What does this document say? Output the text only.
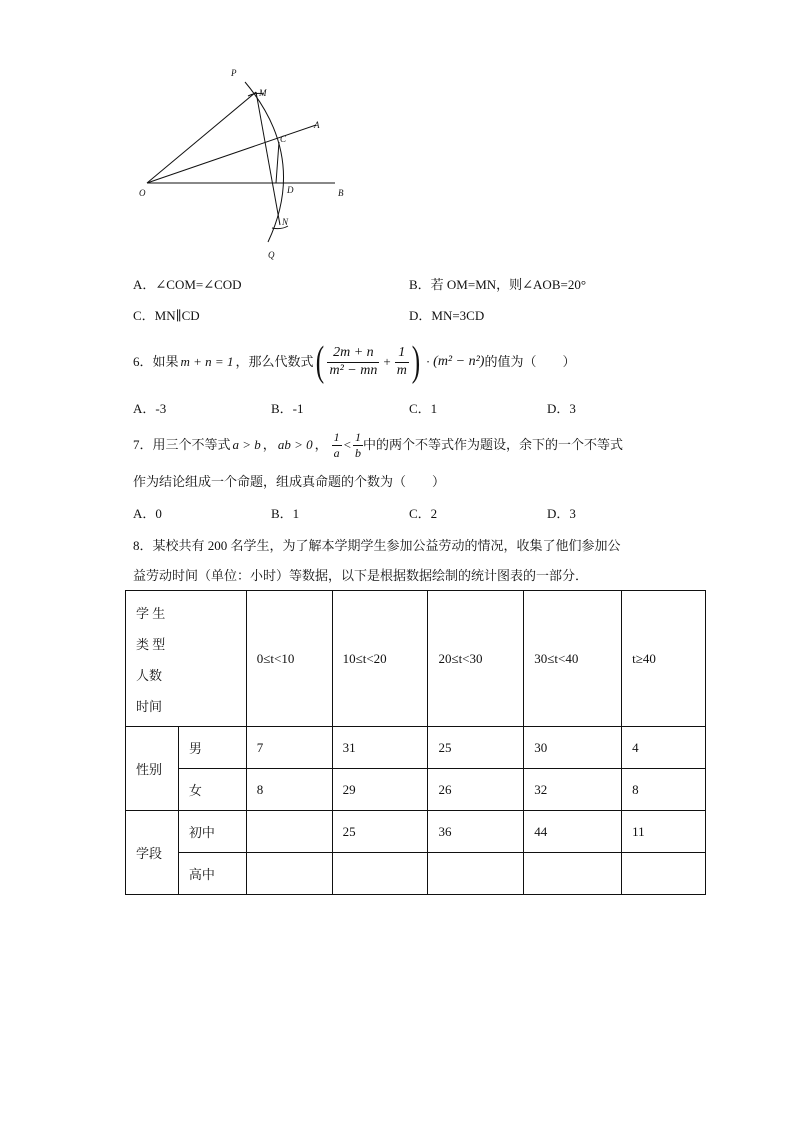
P
M
A
C
O	D	B
N
Q
A．∠COM=∠COD	B．若 OM=MN，则∠AOB=20°
C．MN∥CD	D．MN=3CD
6．如果 m + n = 1 ，那么代数式 ( $\frac{2m + n}{\text{m² − mn}} + \frac{1}{m}$ ) · (m² − n²) 的值为（　　）
A．-3	B．-1	C．1	D．3
7．用三个不等式 a > b ， ab > 0 ， $\frac{1}{a} < \frac{1}{b}$ 中的两个不等式作为题设，余下的一个不等式
作为结论组成一个命题，组成真命题的个数为（　　）
A．0	B．1	C．2	D．3
8．某校共有 200 名学生，为了解本学期学生参加公益劳动的情况，收集了他们参加公
益劳动时间（单位：小时）等数据，以下是根据数据绘制的统计图表的一部分．
学 生
类 型
人数
时间		0≤t<10	10≤t<20	20≤t<30	30≤t<40	t≥40
性别	男	7	31	25	30	4
	女	8	29	26	32	8
学段	初中		25	36	44	11
	高中					
